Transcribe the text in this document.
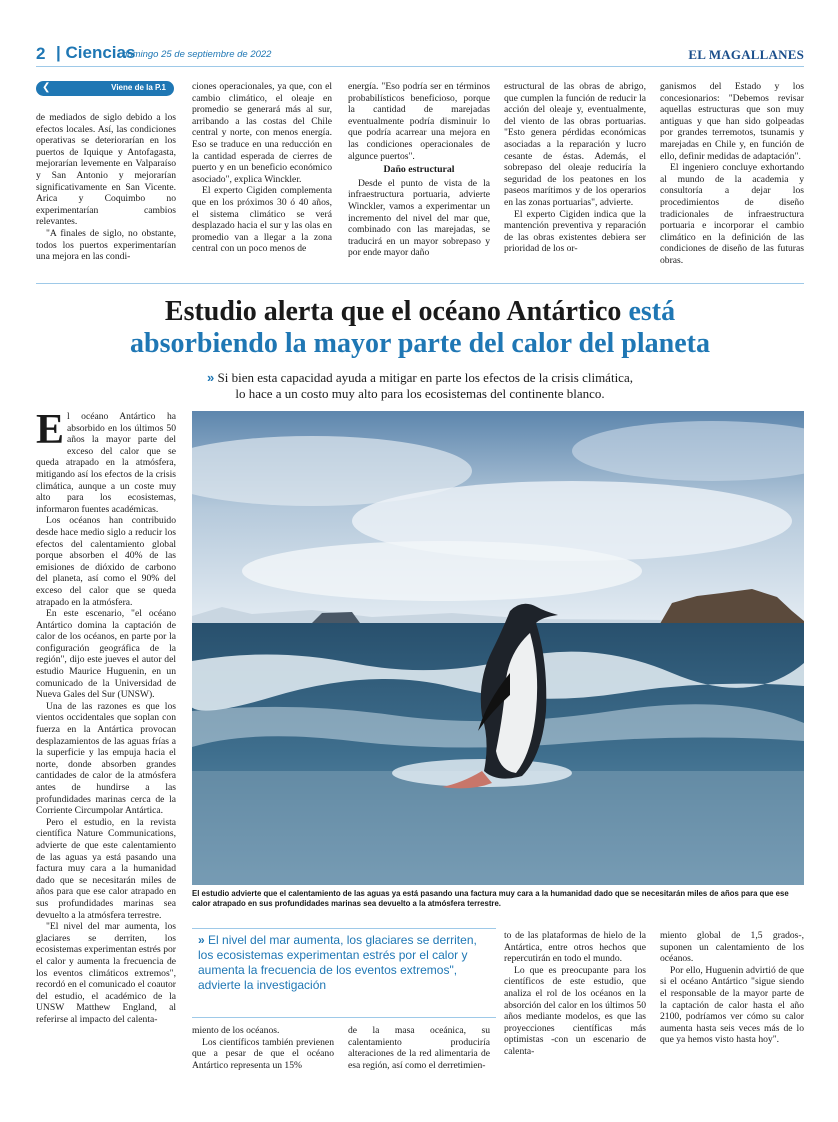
2 | Ciencias
domingo 25 de septiembre de 2022	EL MAGALLANES
❮	Viene de la P.1

de mediados de siglo debido a los efectos locales. Así, las condiciones operativas se deteriorarían en los puertos de Iquique y Antofagasta, mejorarían levemente en Valparaíso y San Antonio y mejorarían significativamente en San Vicente. Arica y Coquimbo no experimentarían cambios relevantes.

"A finales de siglo, no obstante, todos los puertos experimentarían una mejora en las condi-

ciones operacionales, ya que, con el cambio climático, el oleaje en promedio se generará más al sur, arribando a las costas del Chile central y norte, con menos energía. Eso se traduce en una reducción en la cantidad esperada de cierres de puerto y en un beneficio económico asociado", explica Winckler.

El experto Cigiden complementa que en los próximos 30 ó 40 años, el sistema climático se verá desplazado hacia el sur y las olas en promedio van a llegar a la zona central con un poco menos de

energía. "Eso podría ser en términos probabilísticos beneficioso, porque la cantidad de marejadas eventualmente podría disminuir lo que podría acarrear una mejora en las condiciones operacionales de algunce puertos".

Daño estructural

Desde el punto de vista de la infraestructura portuaria, advierte Winckler, vamos a experimentar un incremento del nivel del mar que, combinado con las marejadas, se traducirá en un mayor sobrepaso y por ende mayor daño

estructural de las obras de abrigo, que cumplen la función de reducir la acción del oleaje y, eventualmente, del viento de las obras portuarias. "Esto genera pérdidas económicas asociadas a la reparación y lucro cesante de éstas. Además, el sobrepaso del oleaje reduciría la seguridad de los peatones en los paseos marítimos y de los operarios en las zonas portuarias", advierte.

El experto Cigiden indica que la mantención preventiva y reparación de las obras existentes debiera ser prioridad de los or-

ganismos del Estado y los concesionarios: "Debemos revisar aquellas estructuras que son muy antiguas y que han sido golpeadas por grandes terremotos, tsunamis y marejadas en Chile y, en función de ello, definir medidas de adaptación".

El ingeniero concluye exhortando al mundo de la academia y consultoría a dejar los procedimientos de diseño tradicionales de infraestructura portuaria e incorporar el cambio climático en la definición de las condiciones de diseño de las futuras obras.

Estudio alerta que el océano Antártico está
absorbiendo la mayor parte del calor del planeta
» Si bien esta capacidad ayuda a mitigar en parte los efectos de la crisis climática,
lo hace a un costo muy alto para los ecosistemas del continente blanco.

El océano Antártico ha absorbido en los últimos 50 años la mayor parte del exceso del calor que se queda atrapado en la atmósfera, mitigando así los efectos de la crisis climática, aunque a un coste muy alto para los ecosistemas, informaron fuentes académicas.

Los océanos han contribuido desde hace medio siglo a reducir los efectos del calentamiento global porque absorben el 40% de las emisiones de dióxido de carbono del planeta, así como el 90% del exceso del calor que se queda atrapado en la atmósfera.

En este escenario, "el océano Antártico domina la captación de calor de los océanos, en parte por la configuración geográfica de la región", dijo este jueves el autor del estudio Maurice Huguenin, en un comunicado de la Universidad de Nueva Gales del Sur (UNSW).

Una de las razones es que los vientos occidentales que soplan con fuerza en la Antártica provocan desplazamientos de las aguas frías a la superficie y las empuja hacia el norte, donde absorben grandes cantidades de calor de la atmósfera antes de hundirse a las profundidades marinas cerca de la Corriente Circumpolar Antártica.

Pero el estudio, en la revista científica Nature Communications, advierte de que este calentamiento de las aguas ya está pasando una factura muy cara a la humanidad dado que se necesitarán miles de años para que ese calor atrapado en sus profundidades marinas sea devuelto a la atmósfera terrestre.

"El nivel del mar aumenta, los glaciares se derriten, los ecosistemas experimentan estrés por el calor y aumenta la frecuencia de los eventos climáticos extremos", recordó en el comunicado el coautor del estudio, el académico de la UNSW Matthew England, al referirse al impacto del calenta-

El estudio advierte que el calentamiento de las aguas ya está pasando una factura muy cara a la humanidad dado que se necesitarán miles de años para que ese calor atrapado en sus profundidades marinas sea devuelto a la atmósfera terrestre.
» El nivel del mar aumenta, los glaciares se derriten, los ecosistemas experimentan estrés por el calor y aumenta la frecuencia de los eventos extremos", advierte la investigación

miento de los océanos.

Los científicos también previenen que a pesar de que el océano Antártico representa un 15%

de la masa oceánica, su calentamiento produciría alteraciones de la red alimentaria de esa región, así como el derretimien-

to de las plataformas de hielo de la Antártica, entre otros hechos que repercutirán en todo el mundo.

Lo que es preocupante para los científicos de este estudio, que analiza el rol de los océanos en la absorción del calor en los últimos 50 años mediante modelos, es que las proyecciones científicas más optimistas -con un escenario de calenta-

miento global de 1,5 grados-, suponen un calentamiento de los océanos.

Por ello, Huguenin advirtió de que si el océano Antártico "sigue siendo el responsable de la mayor parte de la captación de calor hasta el año 2100, podríamos ver cómo su calor aumenta hasta seis veces más de lo que ya hemos visto hasta hoy".
